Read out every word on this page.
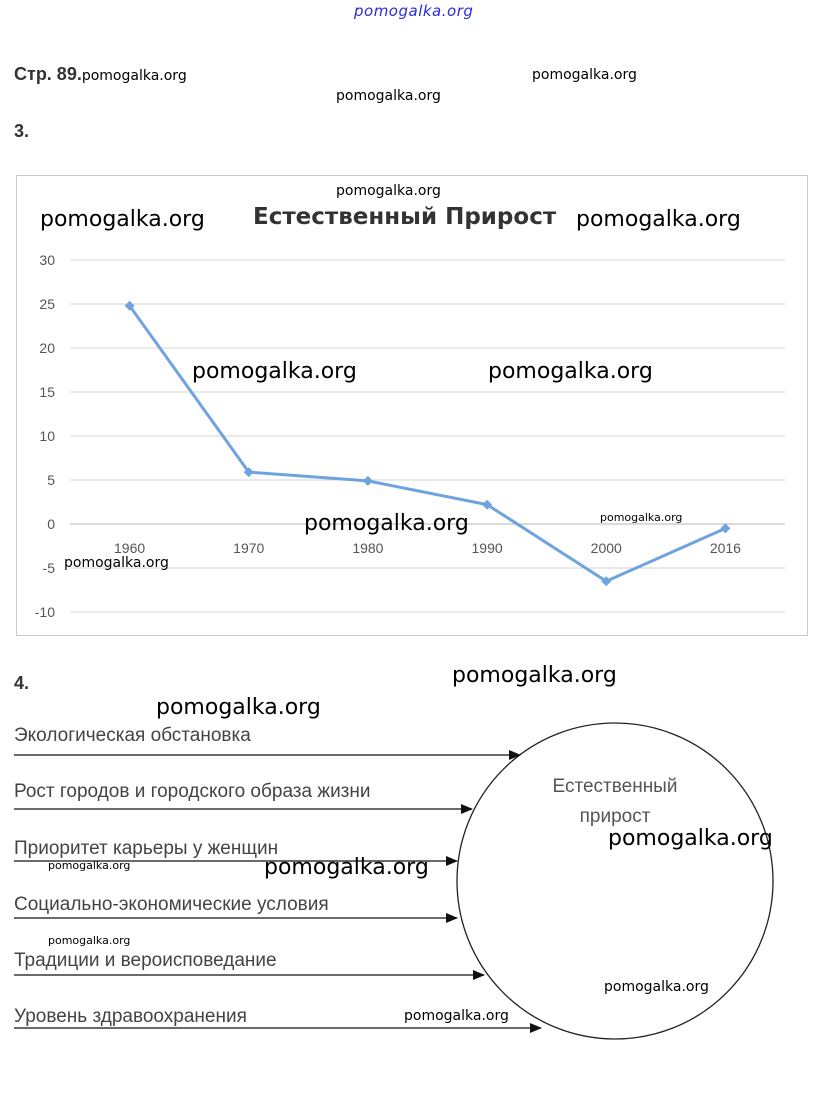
pomogalka.org
Стр. 89.pomogalka.org	pomogalka.org
pomogalka.org
3.
Естественный Прирост
30
25
20
15
10
5
0
-5
-10
1960	1970	1980	1990	2000	2016
pomogalka.org
pomogalka.org	pomogalka.org
pomogalka.org	pomogalka.org
pomogalka.org	pomogalka.org
pomogalka.org
4.	pomogalka.org
pomogalka.org
Экологическая обстановка
Рост городов и городского образа жизни
Приоритет карьеры у женщин
Социально-экономические условия
Традиции и вероисповедание
Уровень здравоохранения
Естественный
прирост
pomogalka.org
pomogalka.org	pomogalka.org
pomogalka.org
pomogalka.org
pomogalka.org
